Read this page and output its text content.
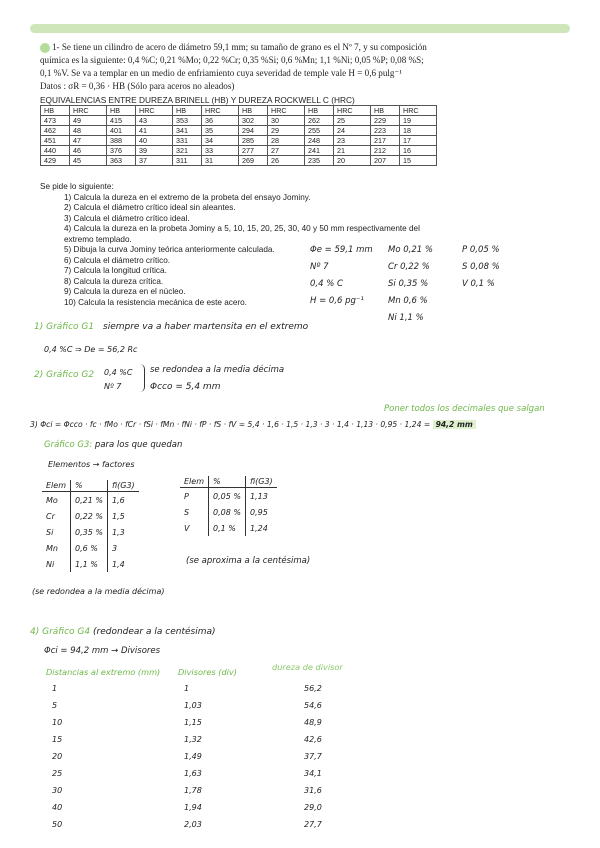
1- Se tiene un cilindro de acero de diámetro 59,1 mm; su tamaño de grano es el Nº 7, y su composición
química es la siguiente: 0,4 %C; 0,21 %Mo; 0,22 %Cr; 0,35 %Si; 0,6 %Mn; 1,1 %Ni; 0,05 %P; 0,08 %S;
0,1 %V. Se va a templar en un medio de enfriamiento cuya severidad de temple vale H = 0,6 pulg⁻¹
Datos : σR = 0,36 · HB (Sólo para aceros no aleados)
EQUIVALENCIAS ENTRE DUREZA BRINELL (HB) Y DUREZA ROCKWELL C (HRC)
HB	HRC	HB	HRC	HB	HRC	HB	HRC	HB	HRC	HB	HRC
473	49	415	43	353	36	302	30	262	25	229	19
462	48	401	41	341	35	294	29	255	24	223	18
451	47	388	40	331	34	285	28	248	23	217	17
440	46	376	39	321	33	277	27	241	21	212	16
429	45	363	37	311	31	269	26	235	20	207	15
Se pide lo siguiente:
1) Calcula la dureza en el extremo de la probeta del ensayo Jominy.
2) Calcula el diámetro crítico ideal sin aleantes.
3) Calcula el diámetro crítico ideal.
4) Calcula la dureza en la probeta Jominy a 5, 10, 15, 20, 25, 30, 40 y 50 mm respectivamente del
extremo templado.
5) Dibuja la curva Jominy teórica anteriormente calculada.
6) Calcula el diámetro crítico.
7) Calcula la longitud crítica.
8) Calcula la dureza crítica.
9) Calcula la dureza en el núcleo.
10) Calcula la resistencia mecánica de este acero.
Φe = 59,1 mm
Nº 7
0,4 % C
H = 0,6 pg⁻¹
Mo 0,21 %
Cr 0,22 %
Si 0,35 %
Mn 0,6 %
Ni 1,1 %
P 0,05 %
S 0,08 %
V 0,1 %
1) Gráfico G1 siempre va a haber martensita en el extremo
0,4 %C ⇒ De = 56,2 Rc
2) Gráfico G2 0,4 %C
Nº 7
se redondea a la media décima
Φcco = 5,4 mm
3) Φci = Φcco · fc · fMo · fCr · fSi · fMn · fNi · fP · fS · fV = 5,4 · 1,6 · 1,5 · 1,3 · 3 · 1,4 · 1,13 · 0,95 · 1,24 = 94,2 mm
Poner todos los decimales que salgan
Gráfico G3: para los que quedan
Elementos → factores
Elem	%	fi(G3)
Mo	0,21 %	1,6
Cr	0,22 %	1,5
Si	0,35 %	1,3
Mn	0,6 %	3
Ni	1,1 %	1,4
Elem	%	fi(G3)
P	0,05 %	1,13
S	0,08 %	0,95
V	0,1 %	1,24
(se aproxima a la centésima)
(se redondea a la media décima)
4) Gráfico G4 (redondear a la centésima)
Φci = 94,2 mm → Divisores
Distancias al extremo (mm) Divisores (div)	dureza de divisor
1	1	56,2
5	1,03	54,6
10	1,15	48,9
15	1,32	42,6
20	1,49	37,7
25	1,63	34,1
30	1,78	31,6
40	1,94	29,0
50	2,03	27,7
